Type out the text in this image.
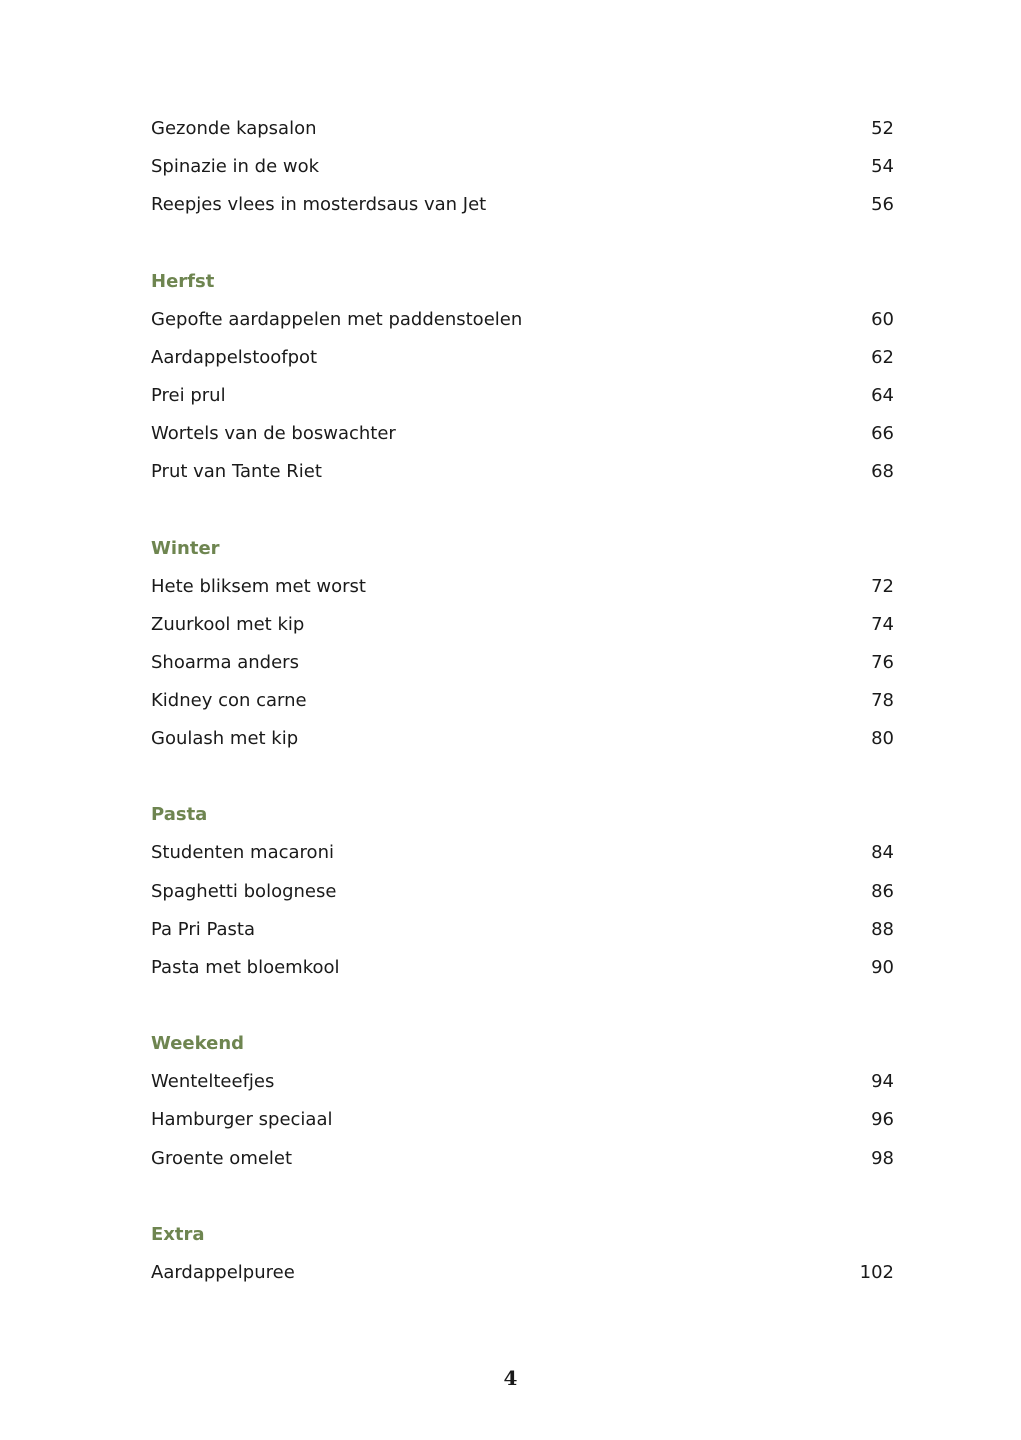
Gezonde kapsalon	52
Spinazie in de wok	54
Reepjes vlees in mosterdsaus van Jet	56
Herfst
Gepofte aardappelen met paddenstoelen	60
Aardappelstoofpot	62
Prei prul	64
Wortels van de boswachter	66
Prut van Tante Riet	68
Winter
Hete bliksem met worst	72
Zuurkool met kip	74
Shoarma anders	76
Kidney con carne	78
Goulash met kip	80
Pasta
Studenten macaroni	84
Spaghetti bolognese	86
Pa Pri Pasta	88
Pasta met bloemkool	90
Weekend
Wentelteefjes	94
Hamburger speciaal	96
Groente omelet	98
Extra
Aardappelpuree	102
4
